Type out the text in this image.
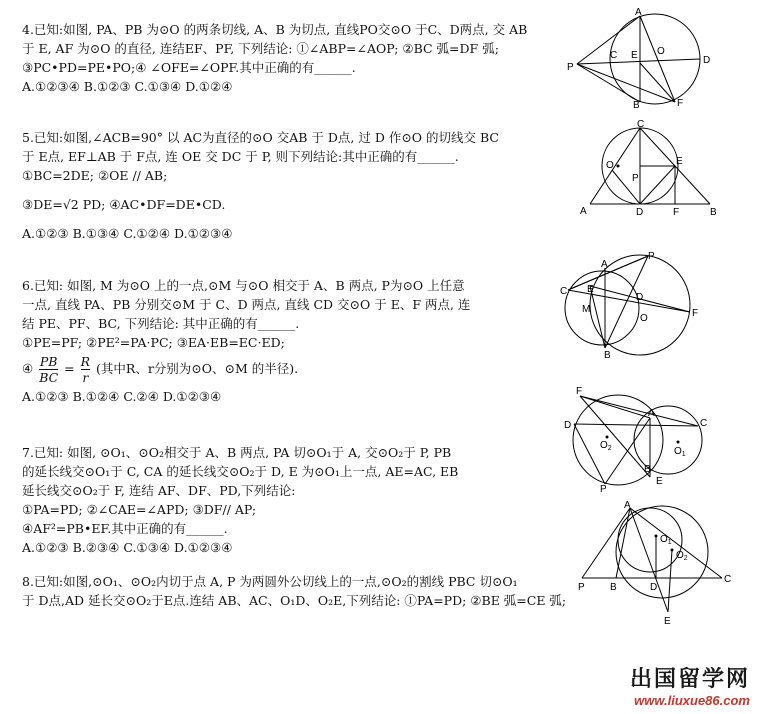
4.已知:如图, PA、PB 为⊙O 的两条切线, A、B 为切点, 直线PO交⊙O 于C、D两点, 交 AB
于 E, AF 为⊙O 的直径, 连结EF、PF, 下列结论: ①∠ABP=∠AOP; ②BC 弧=DF 弧;
③PC•PD=PE•PO;④ ∠OFE=∠OPF.其中正确的有______.
A.①②③④ B.①②③ C.①③④ D.①②④
5.已知:如图,∠ACB=90° 以 AC为直径的⊙O 交AB 于 D点, 过 D 作⊙O 的切线交 BC
于 E点, EF⊥AB 于 F点, 连 OE 交 DC 于 P, 则下列结论:其中正确的有______.
①BC=2DE; ②OE // AB;
③DE=√2 PD; ④AC•DF=DE•CD.
A.①②③ B.①③④ C.①②④ D.①②③④
6.已知: 如图, M 为⊙O 上的一点,⊙M 与⊙O 相交于 A、B 两点, P为⊙O 上任意
一点, 直线 PA、PB 分别交⊙M 于 C、D 两点, 直线 CD 交⊙O 于 E、F 两点, 连
结 PE、PF、BC, 下列结论: 其中正确的有______.
①PE=PF; ②PE²=PA·PC; ③EA·EB=EC·ED;
④ $\frac{PB}{BC} = \frac{R}{r}$ (其中R、r分别为⊙O、⊙M 的半径).
A.①②③ B.①②④ C.②④ D.①②③④
7.已知: 如图, ⊙O₁、⊙O₂相交于 A、B 两点, PA 切⊙O₁于 A, 交⊙O₂于 P, PB
的延长线交⊙O₁于 C, CA 的延长线交⊙O₂于 D, E 为⊙O₁上一点, AE=AC, EB
延长线交⊙O₂于 F, 连结 AF、DF、PD,下列结论:
①PA=PD; ②∠CAE=∠APD; ③DF// AP;
④AF²=PB•EF.其中正确的有______.
A.①②③ B.②③④ C.①③④ D.①②③④
8.已知:如图,⊙O₁、⊙O₂内切于点 A, P 为两圆外公切线上的一点,⊙O₂的割线 PBC 切⊙O₁
于 D点,AD 延长交⊙O₂于E点.连结 AB、AC、O₁D、O₂E,下列结论: ①PA=PD; ②BE 弧=CE 弧;
A
C E O
D
P
B	F
C
O	E
P
A	D	F	B
A
P
C E
D
M
O	F
B
F
A
C
D
$O_2$	$O_1$
B
E
P
A
$O_1$
$O_2$
P	B	D
C
E
出国留学网
www.liuxue86.com
